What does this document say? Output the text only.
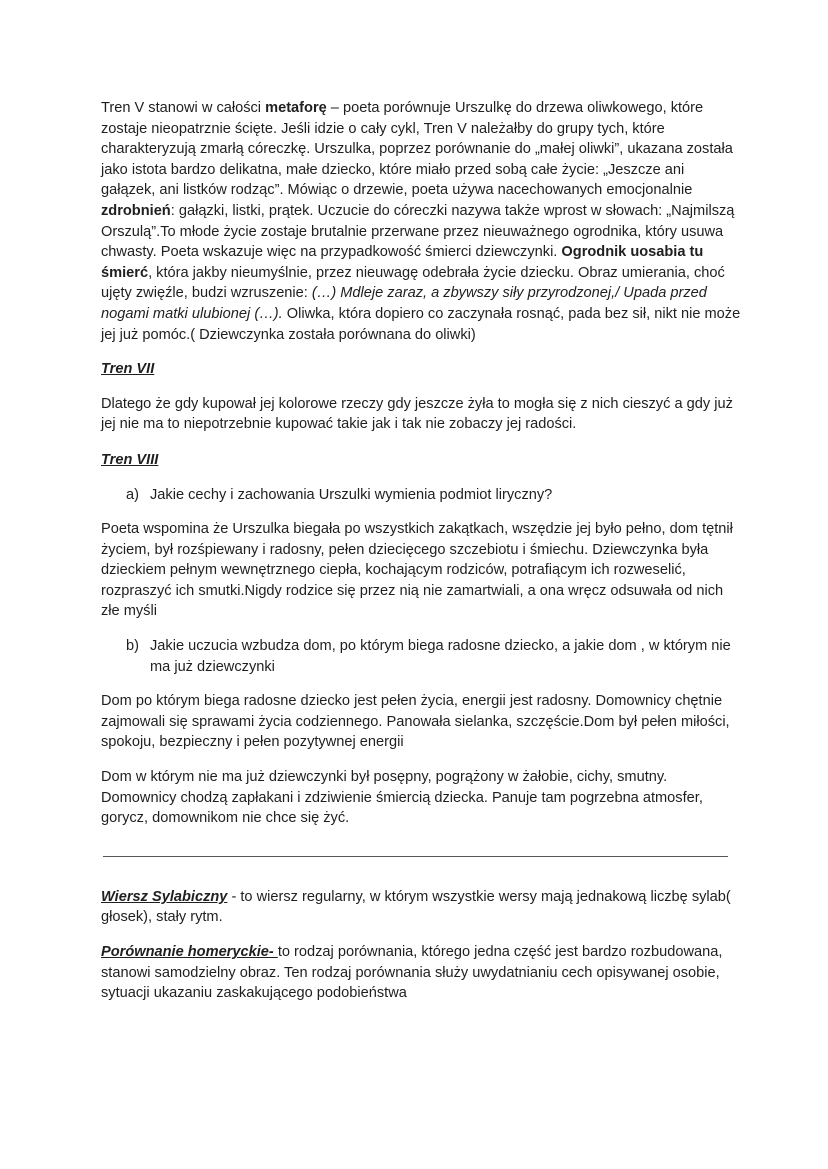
Tren V stanowi w całości metaforę – poeta porównuje Urszulkę do drzewa oliwkowego, które zostaje nieopatrznie ścięte. Jeśli idzie o cały cykl, Tren V należałby do grupy tych, które charakteryzują zmarłą córeczkę. Urszulka, poprzez porównanie do „małej oliwki”, ukazana została jako istota bardzo delikatna, małe dziecko, które miało przed sobą całe życie: „Jeszcze ani gałązek, ani listków rodząc”. Mówiąc o drzewie, poeta używa nacechowanych emocjonalnie zdrobnień: gałązki, listki, prątek. Uczucie do córeczki nazywa także wprost w słowach: „Najmilszą Orszulą”.To młode życie zostaje brutalnie przerwane przez nieuważnego ogrodnika, który usuwa chwasty. Poeta wskazuje więc na przypadkowość śmierci dziewczynki. Ogrodnik uosabia tu śmierć, która jakby nieumyślnie, przez nieuwagę odebrała życie dziecku. Obraz umierania, choć ujęty zwięźle, budzi wzruszenie: (…) Mdleje zaraz, a zbywszy siły przyrodzonej,/ Upada przed nogami matki ulubionej (…). Oliwka, która dopiero co zaczynała rosnąć, pada bez sił, nikt nie może jej już pomóc.( Dziewczynka została porównana do oliwki)

Tren VII

Dlatego że gdy kupował jej kolorowe rzeczy gdy jeszcze żyła to mogła się z nich cieszyć a gdy już jej nie ma to niepotrzebnie kupować takie jak i tak nie zobaczy jej radości.

Tren VIII

a) Jakie cechy i zachowania Urszulki wymienia podmiot liryczny?

Poeta wspomina że Urszulka biegała po wszystkich zakątkach, wszędzie jej było pełno, dom tętnił życiem, był rozśpiewany i radosny, pełen dziecięcego szczebiotu i śmiechu. Dziewczynka była dzieckiem pełnym wewnętrznego ciepła, kochającym rodziców, potrafiącym ich rozweselić, rozpraszyć ich smutki.Nigdy rodzice się przez nią nie zamartwiali, a ona wręcz odsuwała od nich złe myśli

b) Jakie uczucia wzbudza dom, po którym biega radosne dziecko, a jakie dom , w którym nie ma już dziewczynki

Dom po którym biega radosne dziecko jest pełen życia, energii jest radosny. Domownicy chętnie zajmowali się sprawami życia codziennego. Panowała sielanka, szczęście.Dom był pełen miłości, spokoju, bezpieczny i pełen pozytywnej energii

Dom w którym nie ma już dziewczynki był posępny, pogrążony w żałobie, cichy, smutny. Domownicy chodzą zapłakani i zdziwienie śmiercią dziecka. Panuje tam pogrzebna atmosfer, gorycz, domownikom nie chce się żyć.

Wiersz Sylabiczny - to wiersz regularny, w którym wszystkie wersy mają jednakową liczbę sylab( głosek), stały rytm.

Porównanie homeryckie- to rodzaj porównania, którego jedna część jest bardzo rozbudowana, stanowi samodzielny obraz. Ten rodzaj porównania służy uwydatnianiu cech opisywanej osobie, sytuacji ukazaniu zaskakującego podobieństwa
